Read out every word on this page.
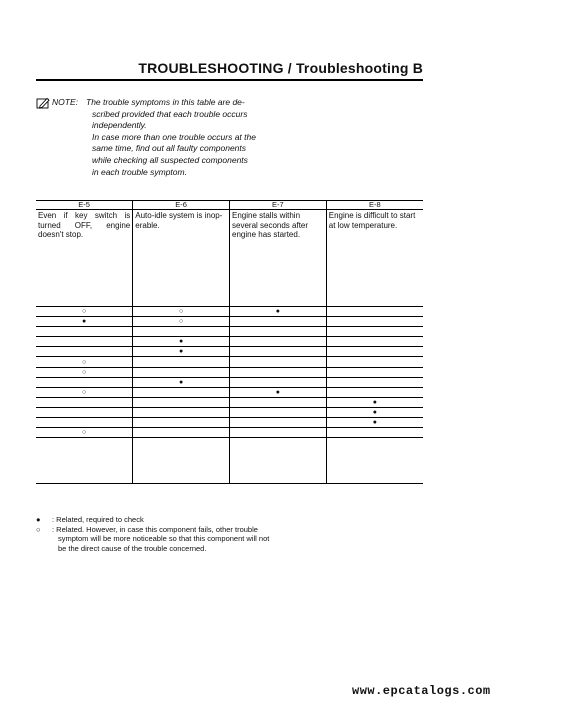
TROUBLESHOOTING / Troubleshooting B
NOTE: The trouble symptoms in this table are de-

scribed provided that each trouble occurs

independently.

In case more than one trouble occurs at the

same time, find out all faulty components

while checking all suspected components

in each trouble symptom.

E-5	E-6	E-7	E-8
Even if key switch is turned OFF, engine doesn't stop.	Auto-idle system is inop-erable.	Engine stalls within several seconds after engine has started.	Engine is difficult to start at low temperature.
○	○	●	
●	○		

	●		
	●		
○			
○			
	●		
○		●	
			●
			●
			●
○			

● : Related, required to check
○ : Related. However, in case this component fails, other trouble
symptom will be more noticeable so that this component will not
be the direct cause of the trouble concerned.
www.epcatalogs.com
